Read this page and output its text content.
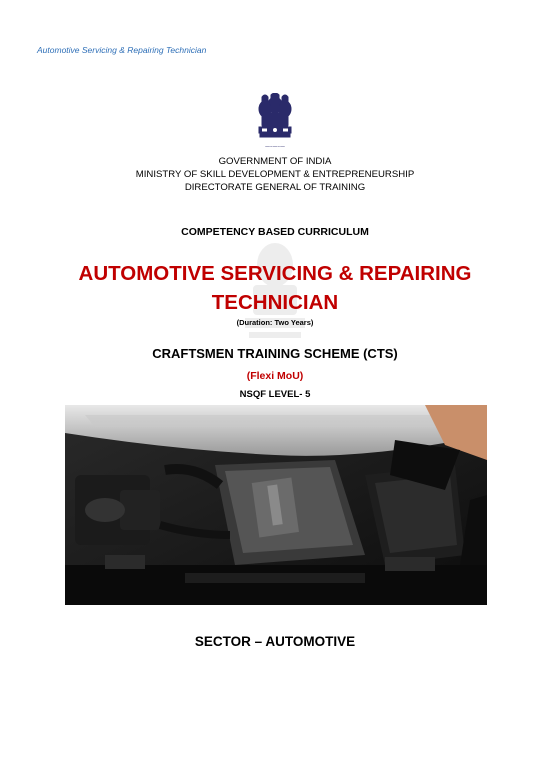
Automotive Servicing & Repairing Technician
—–—–—
GOVERNMENT OF INDIA
MINISTRY OF SKILL DEVELOPMENT & ENTREPRENEURSHIP
DIRECTORATE GENERAL OF TRAINING
COMPETENCY BASED CURRICULUM
AUTOMOTIVE SERVICING & REPAIRING
TECHNICIAN
(Duration: Two Years)
CRAFTSMEN TRAINING SCHEME (CTS)
(Flexi MoU)
NSQF LEVEL- 5
SECTOR – AUTOMOTIVE
